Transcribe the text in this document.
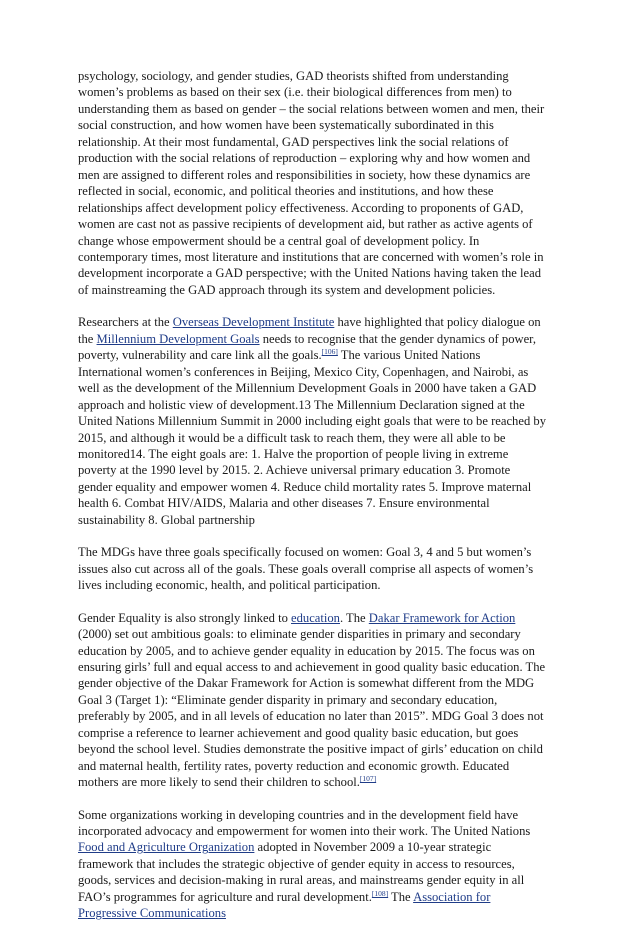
psychology, sociology, and gender studies, GAD theorists shifted from understanding women’s problems as based on their sex (i.e. their biological differences from men) to understanding them as based on gender – the social relations between women and men, their social construction, and how women have been systematically subordinated in this relationship. At their most fundamental, GAD perspectives link the social relations of production with the social relations of reproduction – exploring why and how women and men are assigned to different roles and responsibilities in society, how these dynamics are reflected in social, economic, and political theories and institutions, and how these relationships affect development policy effectiveness. According to proponents of GAD, women are cast not as passive recipients of development aid, but rather as active agents of change whose empowerment should be a central goal of development policy. In contemporary times, most literature and institutions that are concerned with women’s role in development incorporate a GAD perspective; with the United Nations having taken the lead of mainstreaming the GAD approach through its system and development policies.

Researchers at the Overseas Development Institute have highlighted that policy dialogue on the Millennium Development Goals needs to recognise that the gender dynamics of power, poverty, vulnerability and care link all the goals.[106] The various United Nations International women’s conferences in Beijing, Mexico City, Copenhagen, and Nairobi, as well as the development of the Millennium Development Goals in 2000 have taken a GAD approach and holistic view of development.13 The Millennium Declaration signed at the United Nations Millennium Summit in 2000 including eight goals that were to be reached by 2015, and although it would be a difficult task to reach them, they were all able to be monitored14. The eight goals are: 1. Halve the proportion of people living in extreme poverty at the 1990 level by 2015. 2. Achieve universal primary education 3. Promote gender equality and empower women 4. Reduce child mortality rates 5. Improve maternal health 6. Combat HIV/AIDS, Malaria and other diseases 7. Ensure environmental sustainability 8. Global partnership

The MDGs have three goals specifically focused on women: Goal 3, 4 and 5 but women’s issues also cut across all of the goals. These goals overall comprise all aspects of women’s lives including economic, health, and political participation.

Gender Equality is also strongly linked to education. The Dakar Framework for Action (2000) set out ambitious goals: to eliminate gender disparities in primary and secondary education by 2005, and to achieve gender equality in education by 2015. The focus was on ensuring girls’ full and equal access to and achievement in good quality basic education. The gender objective of the Dakar Framework for Action is somewhat different from the MDG Goal 3 (Target 1): “Eliminate gender disparity in primary and secondary education, preferably by 2005, and in all levels of education no later than 2015”. MDG Goal 3 does not comprise a reference to learner achievement and good quality basic education, but goes beyond the school level. Studies demonstrate the positive impact of girls’ education on child and maternal health, fertility rates, poverty reduction and economic growth. Educated mothers are more likely to send their children to school.[107]

Some organizations working in developing countries and in the development field have incorporated advocacy and empowerment for women into their work. The United Nations Food and Agriculture Organization adopted in November 2009 a 10-year strategic framework that includes the strategic objective of gender equity in access to resources, goods, services and decision-making in rural areas, and mainstreams gender equity in all FAO’s programmes for agriculture and rural development.[108] The Association for Progressive Communications
